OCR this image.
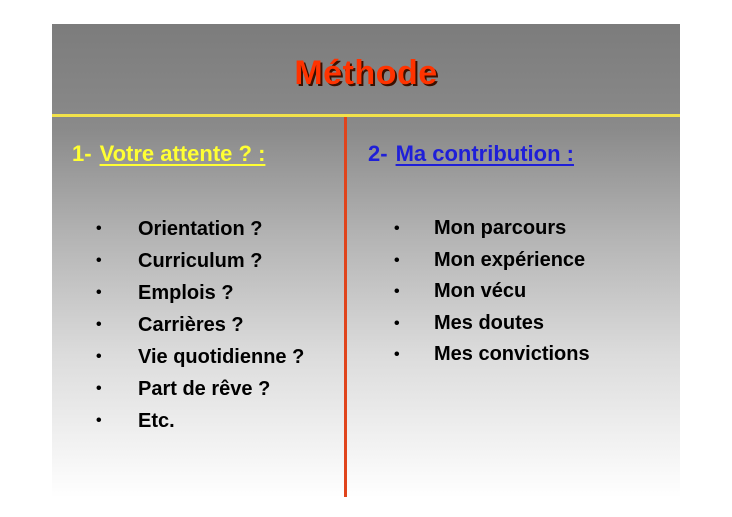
Méthode
1- Votre attente ? :
• Orientation ?
• Curriculum ?
• Emplois ?
• Carrières ?
• Vie quotidienne ?
• Part de rêve ?
• Etc.
2- Ma contribution :
• Mon parcours
• Mon expérience
• Mon vécu
• Mes doutes
• Mes convictions
